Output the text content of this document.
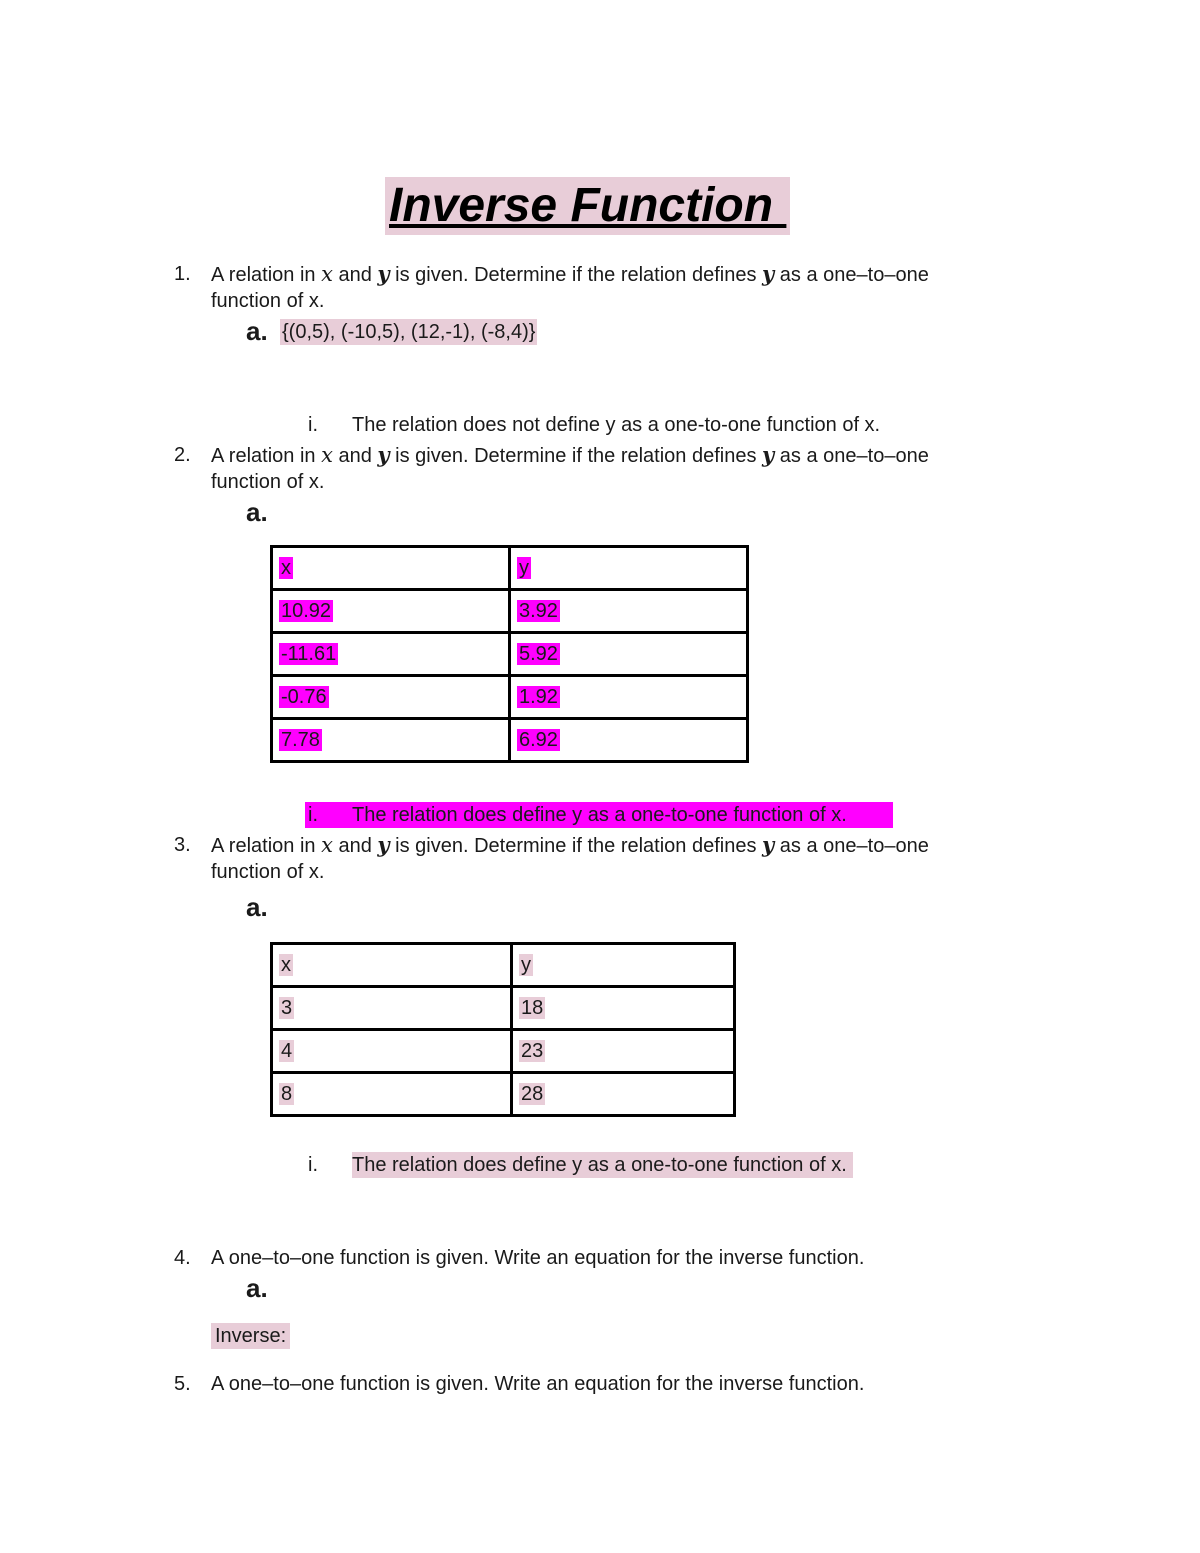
Inverse Function
1. A relation in x and y is given. Determine if the relation defines y as a one–to–one
function of x.
a. {(0,5), (-10,5), (12,-1), (-8,4)}
i. The relation does not define y as a one-to-one function of x.
2. A relation in x and y is given. Determine if the relation defines y as a one–to–one
function of x.
a.
x	y
10.92	3.92
-11.61	5.92
-0.76	1.92
7.78	6.92
i. The relation does define y as a one-to-one function of x.
3. A relation in x and y is given. Determine if the relation defines y as a one–to–one
function of x.
a.
x	y
3	18
4	23
8	28
i. The relation does define y as a one-to-one function of x.
4. A one–to–one function is given. Write an equation for the inverse function.
a.
Inverse:
5. A one–to–one function is given. Write an equation for the inverse function.
